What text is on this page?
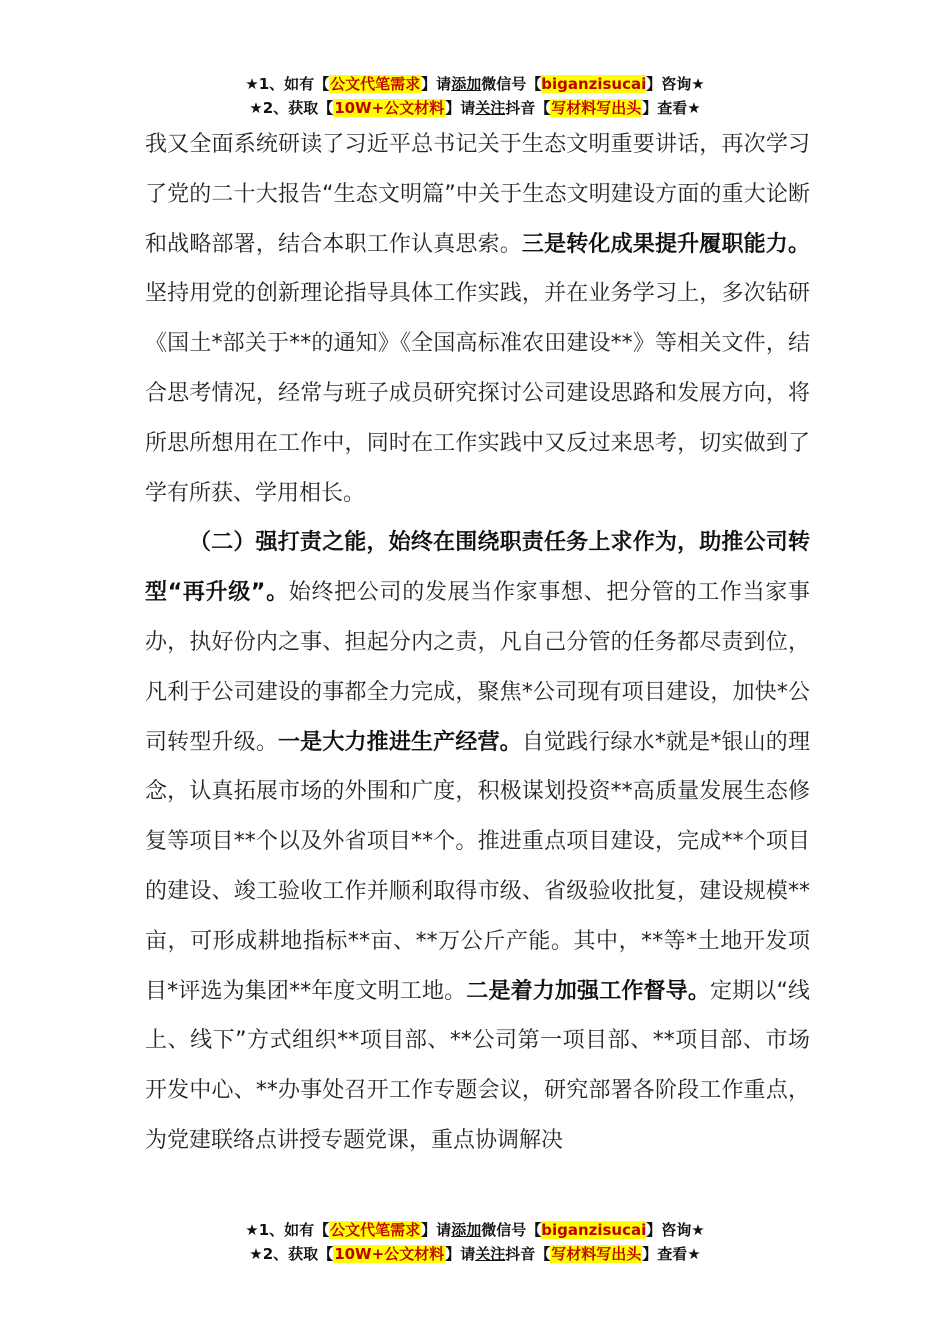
★1、如有【公文代笔需求】请添加微信号【biganzisucai】咨询★
★2、获取【10W+公文材料】请关注抖音【写材料写出头】查看★

我又全面系统研读了习近平总书记关于生态文明重要讲话，再次学习了党的二十大报告“生态文明篇”中关于生态文明建设方面的重大论断和战略部署，结合本职工作认真思索。三是转化成果提升履职能力。坚持用党的创新理论指导具体工作实践，并在业务学习上，多次钻研《国土*部关于**的通知》《全国高标准农田建设**》等相关文件，结合思考情况，经常与班子成员研究探讨公司建设思路和发展方向，将所思所想用在工作中，同时在工作实践中又反过来思考，切实做到了学有所获、学用相长。

（二）强打责之能，始终在围绕职责任务上求作为，助推公司转型“再升级”。始终把公司的发展当作家事想、把分管的工作当家事办，执好份内之事、担起分内之责，凡自己分管的任务都尽责到位，凡利于公司建设的事都全力完成，聚焦*公司现有项目建设，加快*公司转型升级。一是大力推进生产经营。自觉践行绿水*就是*银山的理念，认真拓展市场的外围和广度，积极谋划投资**高质量发展生态修复等项目**个以及外省项目**个。推进重点项目建设，完成**个项目的建设、竣工验收工作并顺利取得市级、省级验收批复，建设规模**亩，可形成耕地指标**亩、**万公斤产能。其中，**等*土地开发项目*评选为集团**年度文明工地。二是着力加强工作督导。定期以“线上、线下”方式组织**项目部、**公司第一项目部、**项目部、市场开发中心、**办事处召开工作专题会议，研究部署各阶段工作重点，为党建联络点讲授专题党课，重点协调解决

★1、如有【公文代笔需求】请添加微信号【biganzisucai】咨询★
★2、获取【10W+公文材料】请关注抖音【写材料写出头】查看★
